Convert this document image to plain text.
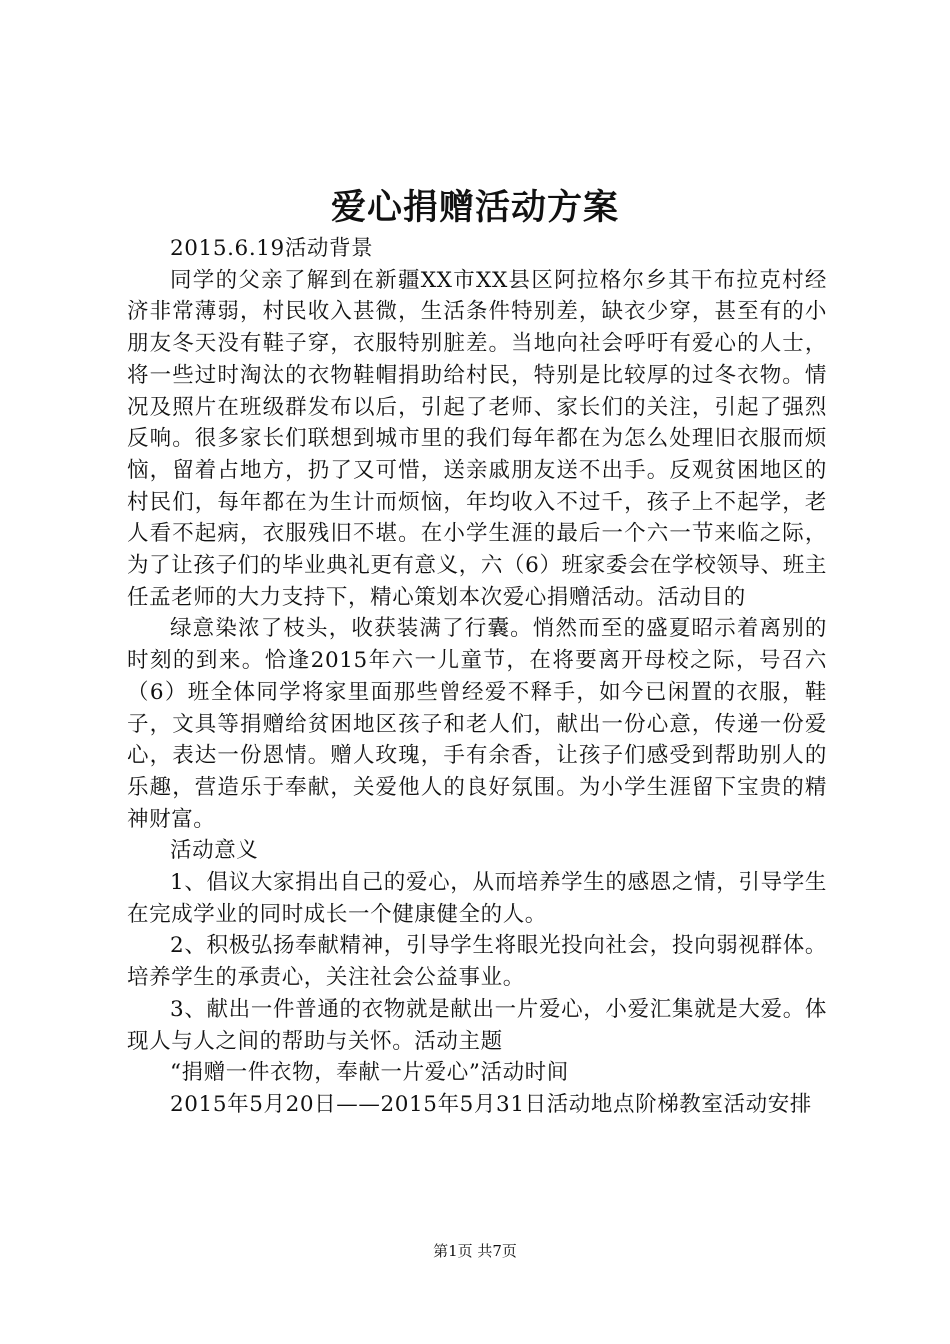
爱心捐赠活动方案

2015.6.19活动背景

同学的父亲了解到在新疆XX市XX县区阿拉格尔乡其干布拉克村经济非常薄弱，村民收入甚微，生活条件特别差，缺衣少穿，甚至有的小朋友冬天没有鞋子穿，衣服特别脏差。当地向社会呼吁有爱心的人士，将一些过时淘汰的衣物鞋帽捐助给村民，特别是比较厚的过冬衣物。情况及照片在班级群发布以后，引起了老师、家长们的关注，引起了强烈反响。很多家长们联想到城市里的我们每年都在为怎么处理旧衣服而烦恼，留着占地方，扔了又可惜，送亲戚朋友送不出手。反观贫困地区的村民们，每年都在为生计而烦恼，年均收入不过千，孩子上不起学，老人看不起病，衣服残旧不堪。在小学生涯的最后一个六一节来临之际，为了让孩子们的毕业典礼更有意义，六（6）班家委会在学校领导、班主任孟老师的大力支持下，精心策划本次爱心捐赠活动。活动目的

绿意染浓了枝头，收获装满了行囊。悄然而至的盛夏昭示着离别的时刻的到来。恰逢2015年六一儿童节，在将要离开母校之际，号召六（6）班全体同学将家里面那些曾经爱不释手，如今已闲置的衣服，鞋子，文具等捐赠给贫困地区孩子和老人们，献出一份心意，传递一份爱心，表达一份恩情。赠人玫瑰，手有余香，让孩子们感受到帮助别人的乐趣，营造乐于奉献，关爱他人的良好氛围。为小学生涯留下宝贵的精神财富。

活动意义

1、倡议大家捐出自己的爱心，从而培养学生的感恩之情，引导学生在完成学业的同时成长一个健康健全的人。

2、积极弘扬奉献精神，引导学生将眼光投向社会，投向弱视群体。培养学生的承责心，关注社会公益事业。

3、献出一件普通的衣物就是献出一片爱心，小爱汇集就是大爱。体现人与人之间的帮助与关怀。活动主题

“捐赠一件衣物，奉献一片爱心”活动时间

2015年5月20日——2015年5月31日活动地点阶梯教室活动安排

第1页 共7页
